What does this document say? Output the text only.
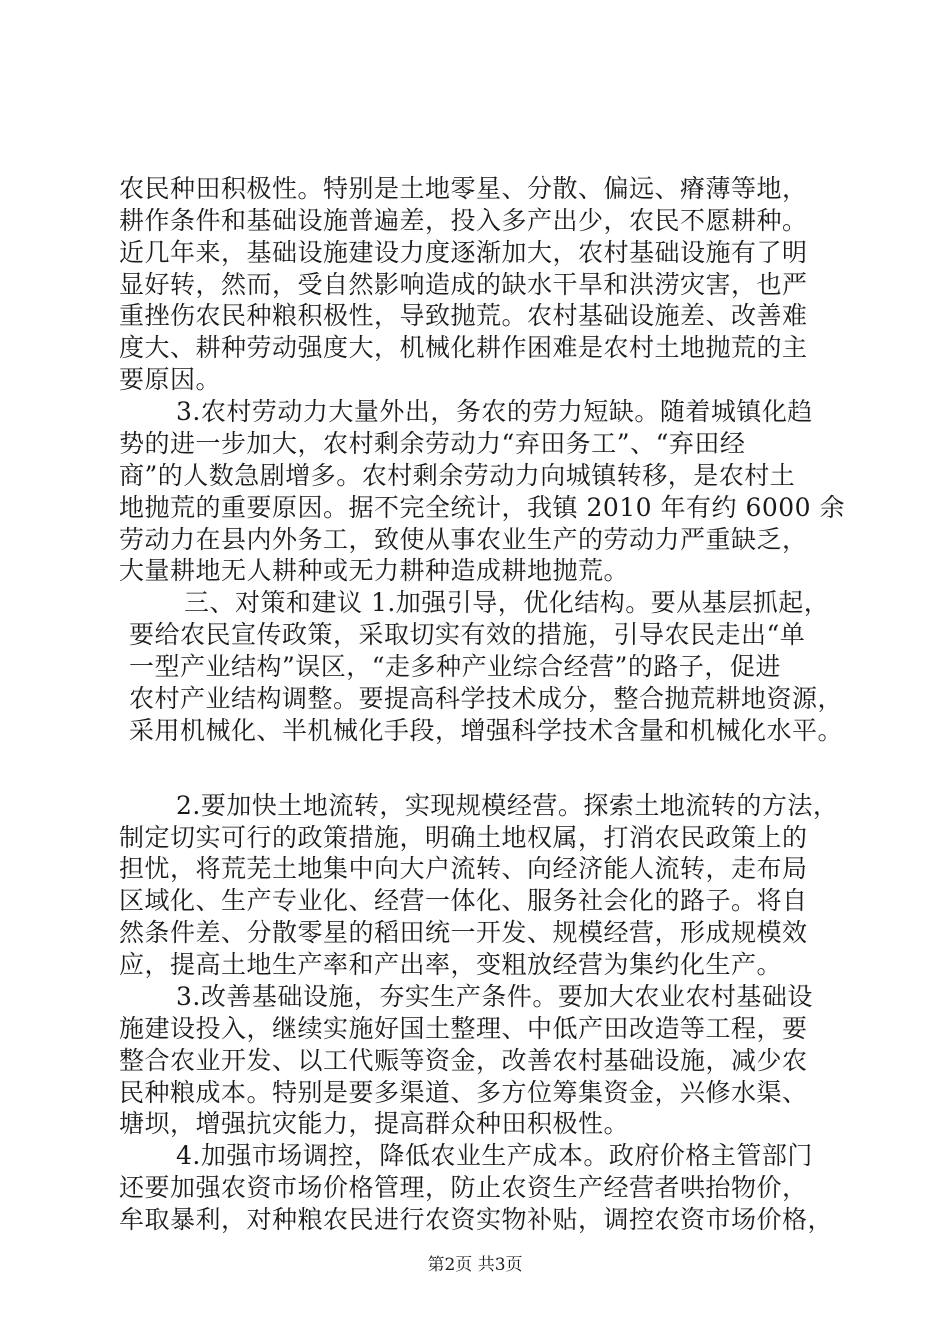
农民种田积极性。特别是土地零星、分散、偏远、瘠薄等地，
耕作条件和基础设施普遍差，投入多产出少，农民不愿耕种。
近几年来，基础设施建设力度逐渐加大，农村基础设施有了明
显好转，然而，受自然影响造成的缺水干旱和洪涝灾害，也严
重挫伤农民种粮积极性，导致抛荒。农村基础设施差、改善难
度大、耕种劳动强度大，机械化耕作困难是农村土地抛荒的主
要原因。
3.农村劳动力大量外出，务农的劳力短缺。随着城镇化趋
势的进一步加大，农村剩余劳动力“弃田务工”、“弃田经
商”的人数急剧增多。农村剩余劳动力向城镇转移，是农村土
地抛荒的重要原因。据不完全统计，我镇 2010 年有约 6000 余
劳动力在县内外务工，致使从事农业生产的劳动力严重缺乏，
大量耕地无人耕种或无力耕种造成耕地抛荒。
三、对策和建议 1.加强引导，优化结构。要从基层抓起，
要给农民宣传政策，采取切实有效的措施，引导农民走出“单
一型产业结构”误区，“走多种产业综合经营”的路子，促进
农村产业结构调整。要提高科学技术成分，整合抛荒耕地资源，
采用机械化、半机械化手段，增强科学技术含量和机械化水平。
2.要加快土地流转，实现规模经营。探索土地流转的方法，
制定切实可行的政策措施，明确土地权属，打消农民政策上的
担忧，将荒芜土地集中向大户流转、向经济能人流转，走布局
区域化、生产专业化、经营一体化、服务社会化的路子。将自
然条件差、分散零星的稻田统一开发、规模经营，形成规模效
应，提高土地生产率和产出率，变粗放经营为集约化生产。
3.改善基础设施，夯实生产条件。要加大农业农村基础设
施建设投入，继续实施好国土整理、中低产田改造等工程，要
整合农业开发、以工代赈等资金，改善农村基础设施，减少农
民种粮成本。特别是要多渠道、多方位筹集资金，兴修水渠、
塘坝，增强抗灾能力，提高群众种田积极性。
4.加强市场调控，降低农业生产成本。政府价格主管部门
还要加强农资市场价格管理，防止农资生产经营者哄抬物价，
牟取暴利，对种粮农民进行农资实物补贴，调控农资市场价格，
第2页 共3页
